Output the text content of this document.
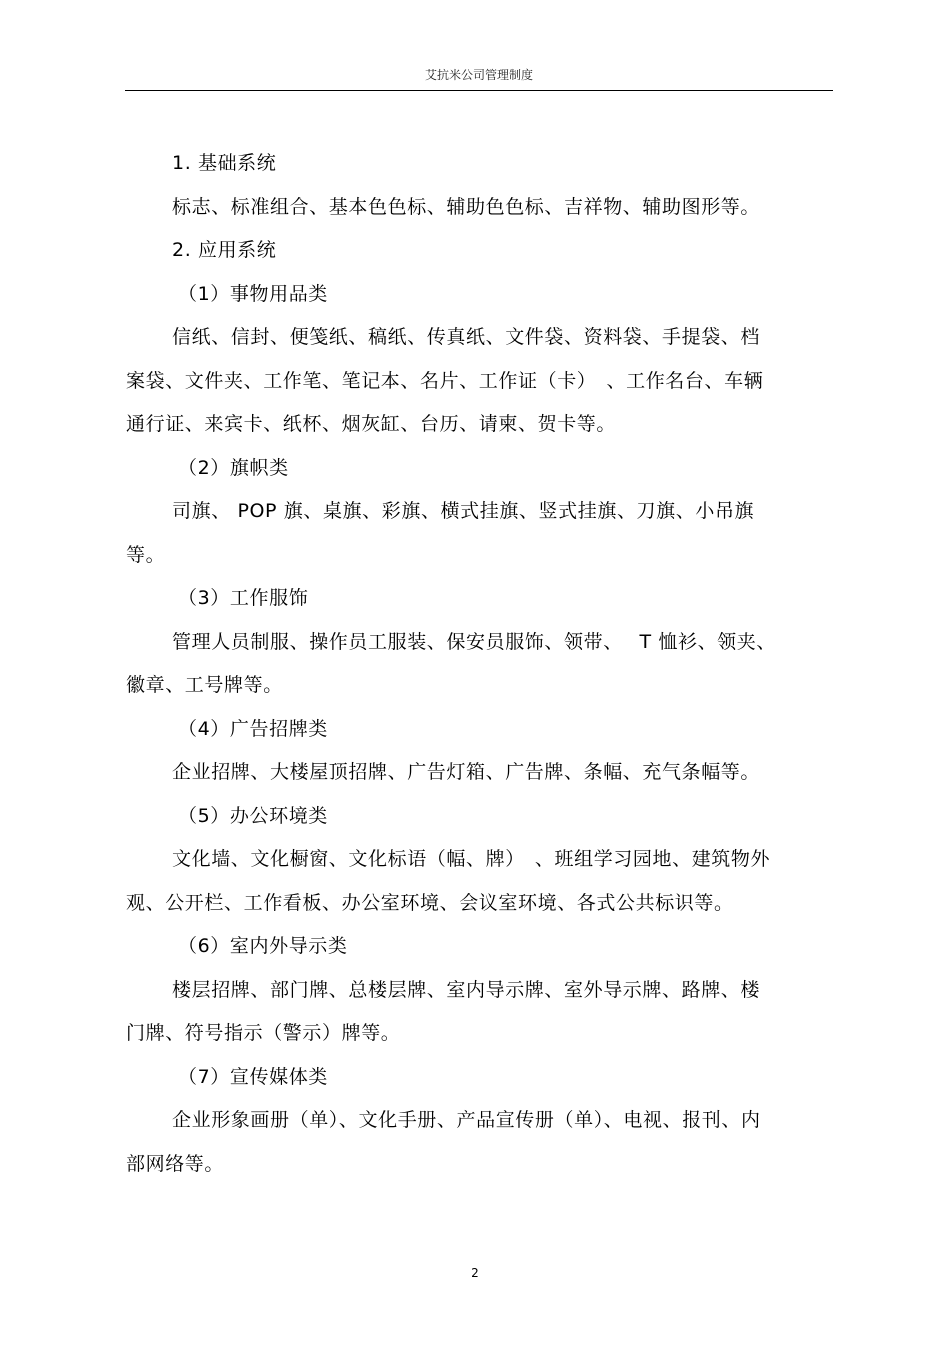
艾抗米公司管理制度

1. 基础系统

标志、标准组合、基本色色标、辅助色色标、吉祥物、辅助图形等。

2. 应用系统

（1）事物用品类

信纸、信封、便笺纸、稿纸、传真纸、文件袋、资料袋、手提袋、档

案袋、文件夹、工作笔、笔记本、名片、工作证（卡）　、工作名台、车辆

通行证、来宾卡、纸杯、烟灰缸、台历、请柬、贺卡等。

（2）旗帜类

司旗、 POP 旗、桌旗、彩旗、横式挂旗、竖式挂旗、刀旗、小吊旗

等。

（3）工作服饰

管理人员制服、操作员工服装、保安员服饰、领带、　 T 恤衫、领夹、

徽章、工号牌等。

（4）广告招牌类

企业招牌、大楼屋顶招牌、广告灯箱、广告牌、条幅、充气条幅等。

（5）办公环境类

文化墙、文化橱窗、文化标语（幅、牌）　、班组学习园地、建筑物外

观、公开栏、工作看板、办公室环境、会议室环境、各式公共标识等。

（6）室内外导示类

楼层招牌、部门牌、总楼层牌、室内导示牌、室外导示牌、路牌、楼

门牌、符号指示（警示）牌等。

（7）宣传媒体类

企业形象画册（单）、文化手册、产品宣传册（单）、电视、报刊、内

部网络等。

2
